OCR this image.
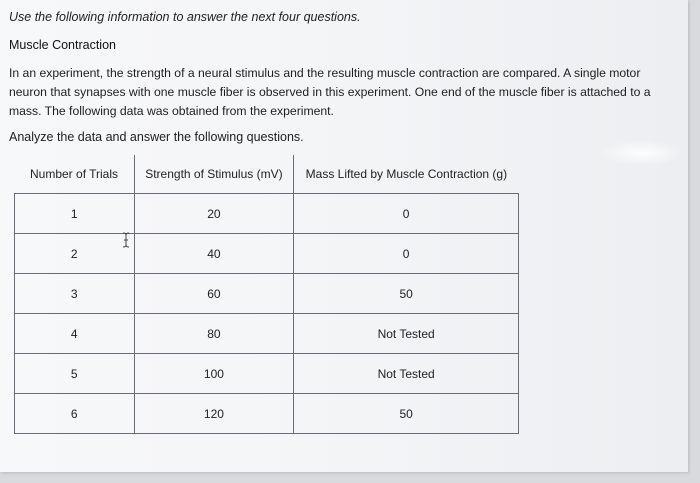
Use the following information to answer the next four questions.
Muscle Contraction
In an experiment, the strength of a neural stimulus and the resulting muscle contraction are compared. A single motor neuron that synapses with one muscle fiber is observed in this experiment. One end of the muscle fiber is attached to a mass. The following data was obtained from the experiment.
Analyze the data and answer the following questions.
Number of Trials	Strength of Stimulus (mV)	Mass Lifted by Muscle Contraction (g)
1	20	0
2	40	0
3	60	50
4	80	Not Tested
5	100	Not Tested
6	120	50
